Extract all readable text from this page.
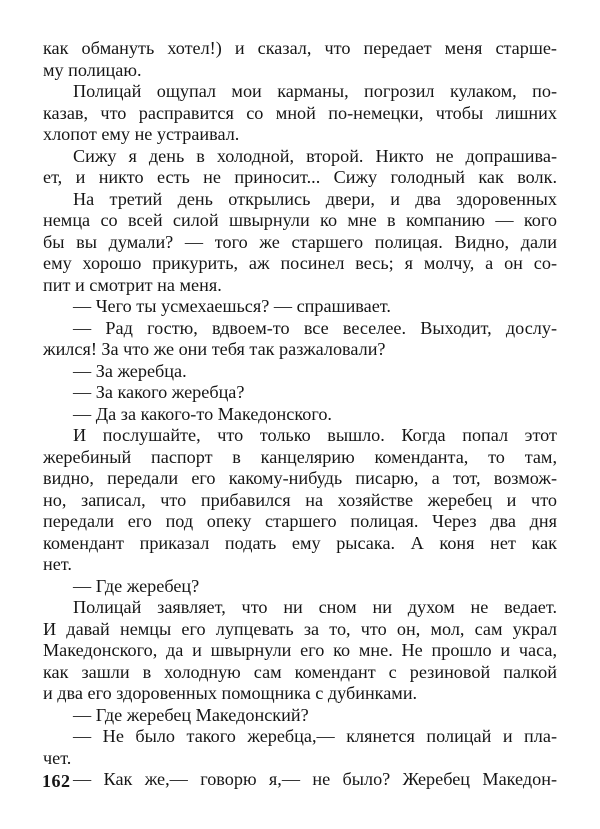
как обмануть хотел!) и сказал, что передает меня старше-
му полицаю.
Полицай ощупал мои карманы, погрозил кулаком, по-
казав, что расправится со мной по-немецки, чтобы лишних
хлопот ему не устраивал.
Сижу я день в холодной, второй. Никто не допрашива-
ет, и никто есть не приносит... Сижу голодный как волк.
На третий день открылись двери, и два здоровенных
немца со всей силой швырнули ко мне в компанию — кого
бы вы думали? — того же старшего полицая. Видно, дали
ему хорошо прикурить, аж посинел весь; я молчу, а он со-
пит и смотрит на меня.
— Чего ты усмехаешься? — спрашивает.
— Рад гостю, вдвоем-то все веселее. Выходит, дослу-
жился! За что же они тебя так разжаловали?
— За жеребца.
— За какого жеребца?
— Да за какого-то Македонского.
И послушайте, что только вышло. Когда попал этот
жеребиный паспорт в канцелярию коменданта, то там,
видно, передали его какому-нибудь писарю, а тот, возмож-
но, записал, что прибавился на хозяйстве жеребец и что
передали его под опеку старшего полицая. Через два дня
комендант приказал подать ему рысака. А коня нет как
нет.
— Где жеребец?
Полицай заявляет, что ни сном ни духом не ведает.
И давай немцы его лупцевать за то, что он, мол, сам украл
Македонского, да и швырнули его ко мне. Не прошло и часа,
как зашли в холодную сам комендант с резиновой палкой
и два его здоровенных помощника с дубинками.
— Где жеребец Македонский?
— Не было такого жеребца,— клянется полицай и пла-
чет.
— Как же,— говорю я,— не было? Жеребец Македон-
162
